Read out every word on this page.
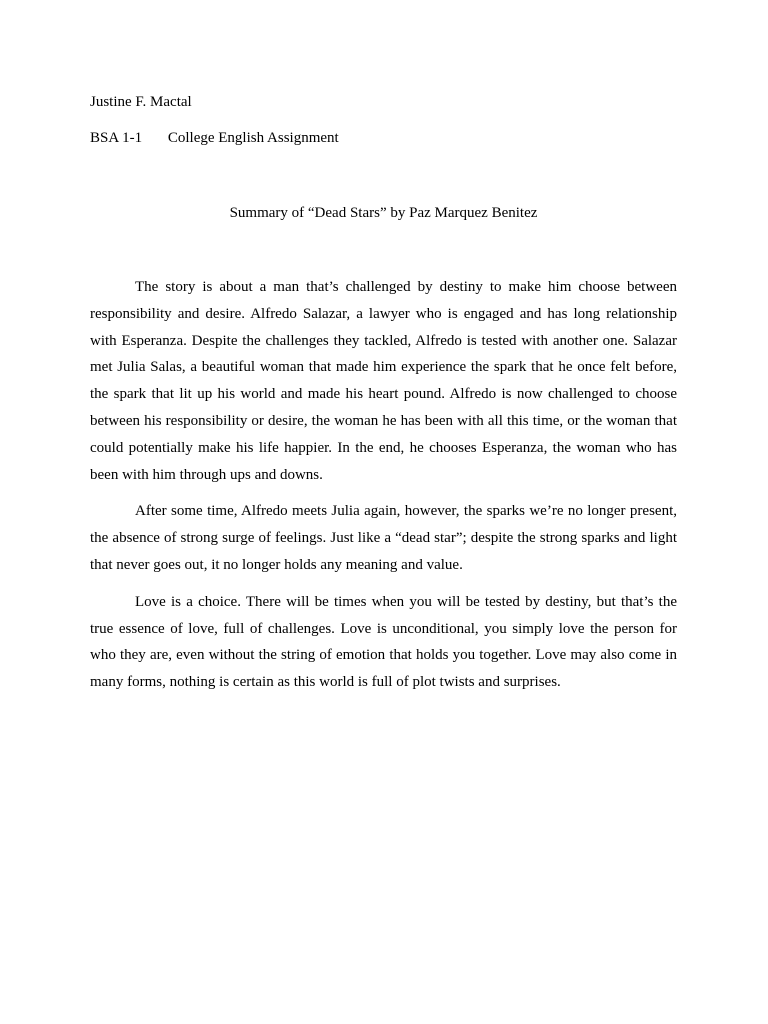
Justine F. Mactal
BSA 1-1 College English Assignment
Summary of “Dead Stars” by Paz Marquez Benitez

The story is about a man that’s challenged by destiny to make him choose between responsibility and desire. Alfredo Salazar, a lawyer who is engaged and has long relationship with Esperanza. Despite the challenges they tackled, Alfredo is tested with another one. Salazar met Julia Salas, a beautiful woman that made him experience the spark that he once felt before, the spark that lit up his world and made his heart pound. Alfredo is now challenged to choose between his responsibility or desire, the woman he has been with all this time, or the woman that could potentially make his life happier. In the end, he chooses Esperanza, the woman who has been with him through ups and downs.

After some time, Alfredo meets Julia again, however, the sparks we’re no longer present, the absence of strong surge of feelings. Just like a “dead star”; despite the strong sparks and light that never goes out, it no longer holds any meaning and value.

Love is a choice. There will be times when you will be tested by destiny, but that’s the true essence of love, full of challenges. Love is unconditional, you simply love the person for who they are, even without the string of emotion that holds you together. Love may also come in many forms, nothing is certain as this world is full of plot twists and surprises.
